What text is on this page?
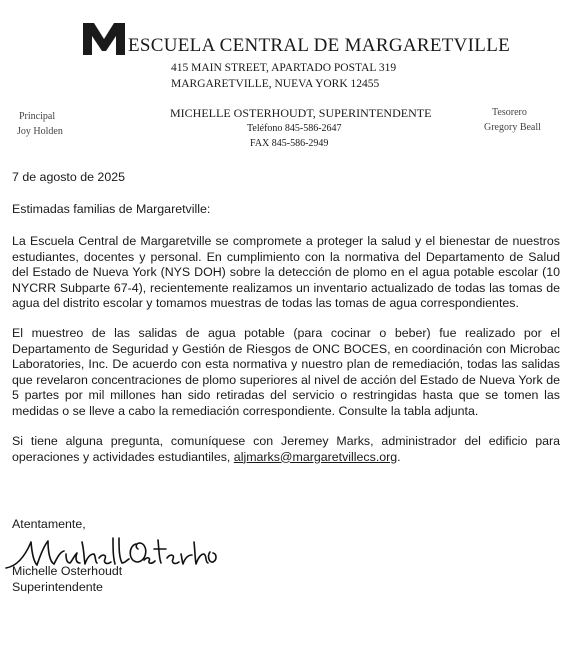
ESCUELA CENTRAL DE MARGARETVILLE
415 MAIN STREET, APARTADO POSTAL 319
MARGARETVILLE, NUEVA YORK 12455
Principal
Joy Holden
MICHELLE OSTERHOUDT, SUPERINTENDENTE
Teléfono 845-586-2647
FAX 845-586-2949
Tesorero
Gregory Beall
7 de agosto de 2025
Estimadas familias de Margaretville:
La Escuela Central de Margaretville se compromete a proteger la salud y el bienestar de nuestros estudiantes, docentes y personal. En cumplimiento con la normativa del Departamento de Salud del Estado de Nueva York (NYS DOH) sobre la detección de plomo en el agua potable escolar (10 NYCRR Subparte 67-4), recientemente realizamos un inventario actualizado de todas las tomas de agua del distrito escolar y tomamos muestras de todas las tomas de agua correspondientes.
El muestreo de las salidas de agua potable (para cocinar o beber) fue realizado por el Departamento de Seguridad y Gestión de Riesgos de ONC BOCES, en coordinación con Microbac Laboratories, Inc. De acuerdo con esta normativa y nuestro plan de remediación, todas las salidas que revelaron concentraciones de plomo superiores al nivel de acción del Estado de Nueva York de 5 partes por mil millones han sido retiradas del servicio o restringidas hasta que se tomen las medidas o se lleve a cabo la remediación correspondiente. Consulte la tabla adjunta.
Si tiene alguna pregunta, comuníquese con Jeremey Marks, administrador del edificio para operaciones y actividades estudiantiles, aljmarks@margaretvillecs.org.
Atentamente,
Michelle Osterhoudt
Superintendente
